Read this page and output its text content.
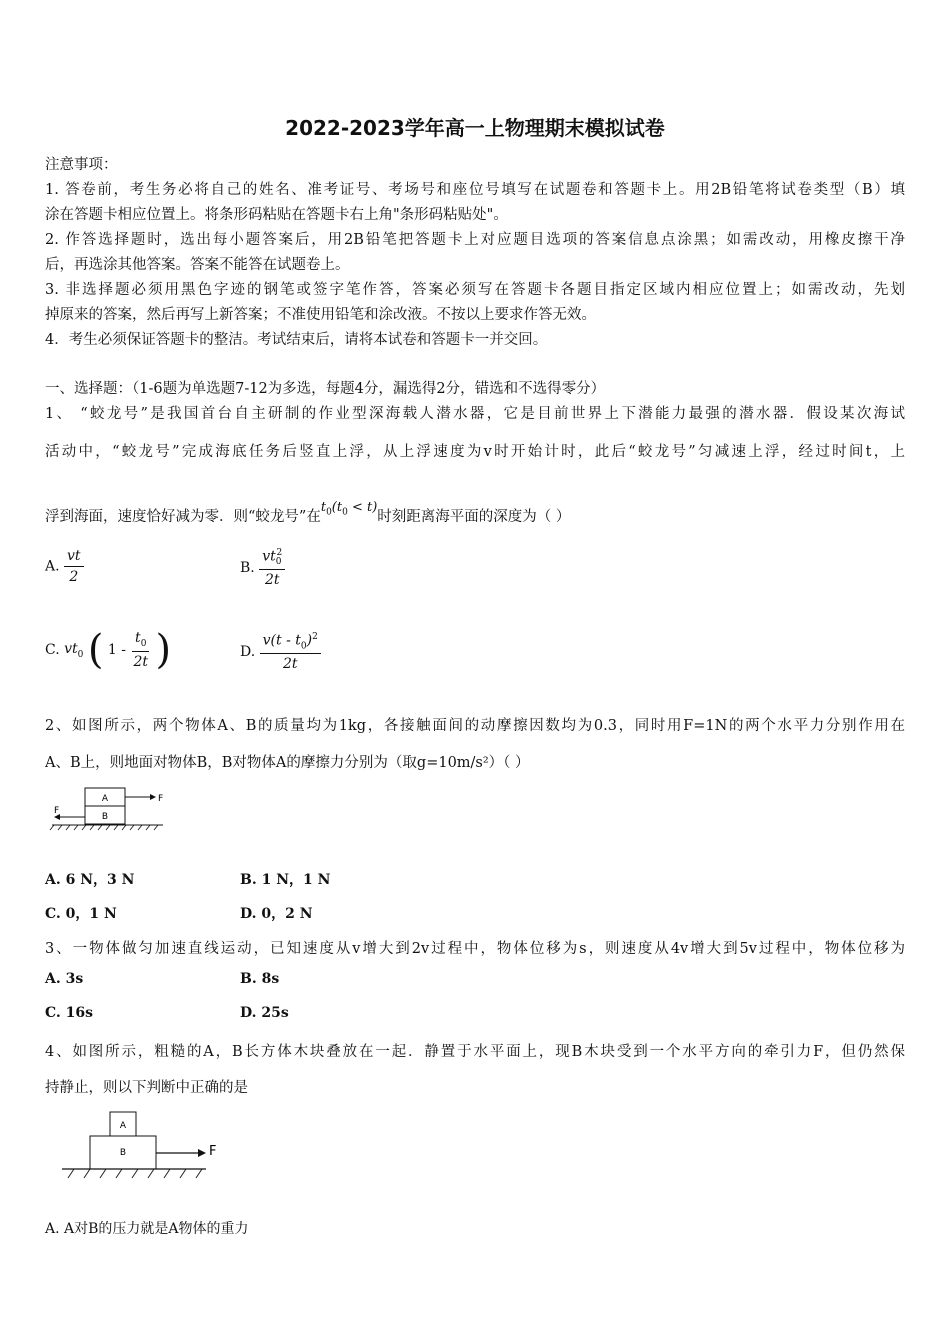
2022-2023学年高一上物理期末模拟试卷
注意事项：
1. 答卷前，考生务必将自己的姓名、准考证号、考场号和座位号填写在试题卷和答题卡上。用2B铅笔将试卷类型（B）填
涂在答题卡相应位置上。将条形码粘贴在答题卡右上角"条形码粘贴处"。
2. 作答选择题时，选出每小题答案后，用2B铅笔把答题卡上对应题目选项的答案信息点涂黑；如需改动，用橡皮擦干净
后，再选涂其他答案。答案不能答在试题卷上。
3. 非选择题必须用黑色字迹的钢笔或签字笔作答，答案必须写在答题卡各题目指定区域内相应位置上；如需改动，先划
掉原来的答案，然后再写上新答案；不准使用铅笔和涂改液。不按以上要求作答无效。
4．考生必须保证答题卡的整洁。考试结束后，请将本试卷和答题卡一并交回。
一、选择题：（1-6题为单选题7-12为多选，每题4分，漏选得2分，错选和不选得零分）
1、 “蛟龙号”是我国首台自主研制的作业型深海载人潜水器，它是目前世界上下潜能力最强的潜水器．假设某次海试
活动中，“蛟龙号”完成海底任务后竖直上浮，从上浮速度为v时开始计时，此后“蛟龙号”匀减速上浮，经过时间t，上
浮到海面，速度恰好减为零．则“蛟龙号”在$t_0(t_0 < t)$时刻距离海平面的深度为（ ）
A. $\frac{vt}{2}$	B. $\frac{vt_0^2}{2t}$
C. $vt_0$ ( $1 - \frac{t_0}{2t}$ )	D. $\frac{v(t - t_0)^2}{2t}$
2、如图所示，两个物体A、B的质量均为1kg，各接触面间的动摩擦因数均为0.3，同时用F=1N的两个水平力分别作用在
A、B上，则地面对物体B，B对物体A的摩擦力分别为（取g=10m/s²）（ ）
A
B
F
F
A. 6 N，3 N	B. 1 N，1 N
C. 0，1 N	D. 0，2 N
3、一物体做匀加速直线运动，已知速度从v增大到2v过程中，物体位移为s，则速度从4v增大到5v过程中，物体位移为
A. 3s	B. 8s
C. 16s	D. 25s
4、如图所示，粗糙的A，B长方体木块叠放在一起．静置于水平面上，现B木块受到一个水平方向的牵引力F，但仍然保
持静止，则以下判断中正确的是
A
B	F
A. A对B的压力就是A物体的重力
